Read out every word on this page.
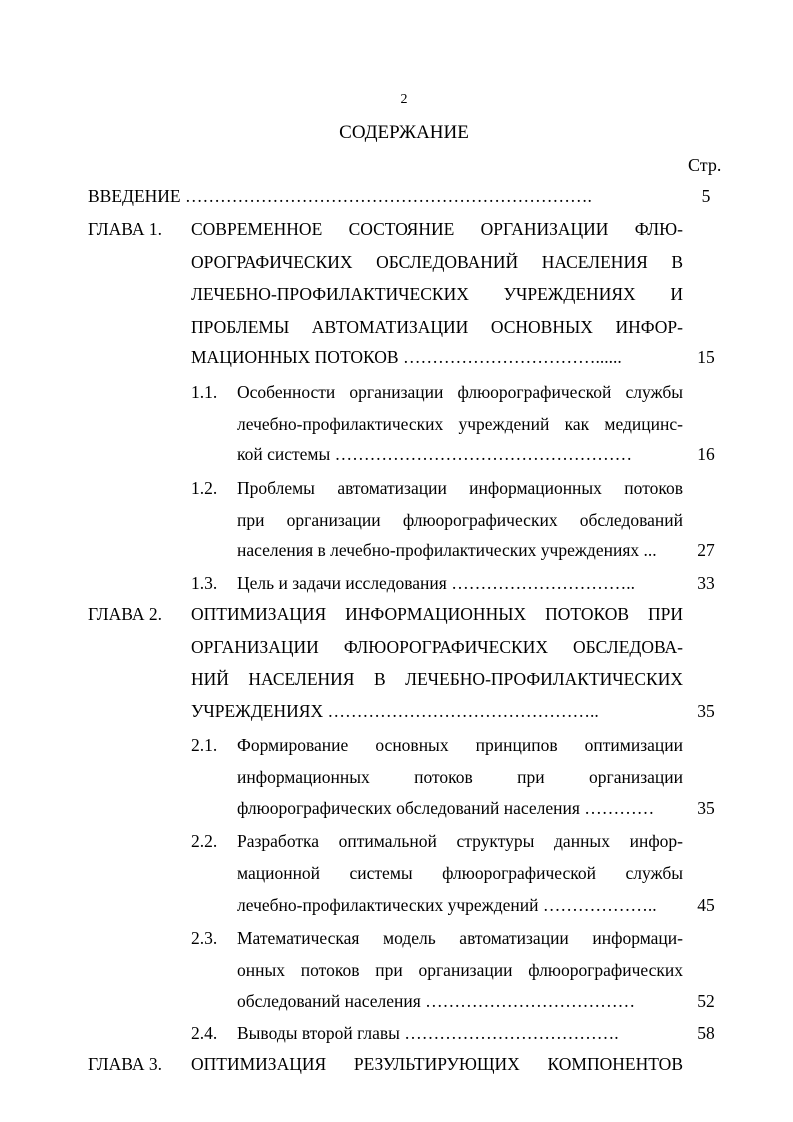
2
СОДЕРЖАНИЕ
Стр.
ВВЕДЕНИЕ …………………………………………………………….	5
ГЛАВА 1. СОВРЕМЕННОЕ СОСТОЯНИЕ ОРГАНИЗАЦИИ ФЛЮ-
ОРОГРАФИЧЕСКИХ ОБСЛЕДОВАНИЙ НАСЕЛЕНИЯ В
ЛЕЧЕБНО-ПРОФИЛАКТИЧЕСКИХ УЧРЕЖДЕНИЯХ И
ПРОБЛЕМЫ АВТОМАТИЗАЦИИ ОСНОВНЫХ ИНФОР-
МАЦИОННЫХ ПОТОКОВ ……………………………......	15
1.1. Особенности организации флюорографической службы
лечебно-профилактических учреждений как медицинс-
кой системы ……………………………………………	16
1.2. Проблемы автоматизации информационных потоков
при организации флюорографических обследований
населения в лечебно-профилактических учреждениях ...	27
1.3. Цель и задачи исследования …………………………..	33
ГЛАВА 2. ОПТИМИЗАЦИЯ ИНФОРМАЦИОННЫХ ПОТОКОВ ПРИ
ОРГАНИЗАЦИИ ФЛЮОРОГРАФИЧЕСКИХ ОБСЛЕДОВА-
НИЙ НАСЕЛЕНИЯ В ЛЕЧЕБНО-ПРОФИЛАКТИЧЕСКИХ
УЧРЕЖДЕНИЯХ ………………………………………..	35
2.1. Формирование основных принципов оптимизации
информационных потоков при организации
флюорографических обследований населения …………	35
2.2. Разработка оптимальной структуры данных инфор-
мационной системы флюорографической службы
лечебно-профилактических учреждений ………………..	45
2.3. Математическая модель автоматизации информаци-
онных потоков при организации флюорографических
обследований населения ………………………………	52
2.4. Выводы второй главы ……………………………….	58
ГЛАВА 3. ОПТИМИЗАЦИЯ РЕЗУЛЬТИРУЮЩИХ КОМПОНЕНТОВ
